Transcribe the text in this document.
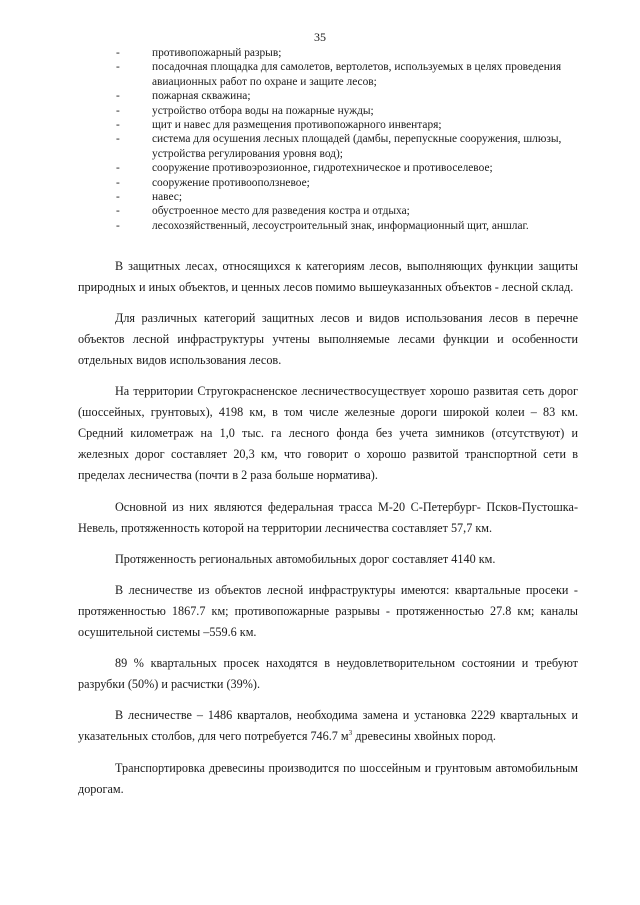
35
-	противопожарный разрыв;
-	посадочная площадка для самолетов, вертолетов, используемых в целях проведения авиационных работ по охране и защите лесов;
-	пожарная скважина;
-	устройство отбора воды на пожарные нужды;
-	щит и навес для размещения противопожарного инвентаря;
-	система для осушения лесных площадей (дамбы, перепускные сооружения, шлюзы, устройства регулирования уровня вод);
-	сооружение противоэрозионное, гидротехническое и противоселевое;
-	сооружение противооползневое;
-	навес;
-	обустроенное место для разведения костра и отдыха;
-	лесохозяйственный, лесоустроительный знак, информационный щит, аншлаг.

В защитных лесах, относящихся к категориям лесов, выполняющих функции защиты природных и иных объектов, и ценных лесов помимо вышеуказанных объектов - лесной склад.

Для различных категорий защитных лесов и видов использования лесов в перечне объектов лесной инфраструктуры учтены выполняемые лесами функции и особенности отдельных видов использования лесов.

На территории Стругокрасненское лесничествосуществует хорошо развитая сеть дорог (шоссейных, грунтовых), 4198 км, в том числе железные дороги широкой колеи – 83 км. Средний километраж на 1,0 тыс. га лесного фонда без учета зимников (отсутствуют) и железных дорог составляет 20,3 км, что говорит о хорошо развитой транспортной сети в пределах лесничества (почти в 2 раза больше норматива).

Основной из них являются федеральная трасса М-20 С-Петербург- Псков-Пустошка-Невель, протяженность которой на территории лесничества составляет 57,7 км.

Протяженность региональных автомобильных дорог составляет 4140 км.

В лесничестве из объектов лесной инфраструктуры имеются: квартальные просеки - протяженностью 1867.7 км; противопожарные разрывы - протяженностью 27.8 км; каналы осушительной системы –559.6 км.

89 % квартальных просек находятся в неудовлетворительном состоянии и требуют разрубки (50%) и расчистки (39%).

В лесничестве – 1486 кварталов, необходима замена и установка 2229 квартальных и указательных столбов, для чего потребуется 746.7 $м^3$ древесины хвойных пород.

Транспортировка древесины производится по шоссейным и грунтовым автомобильным дорогам.
